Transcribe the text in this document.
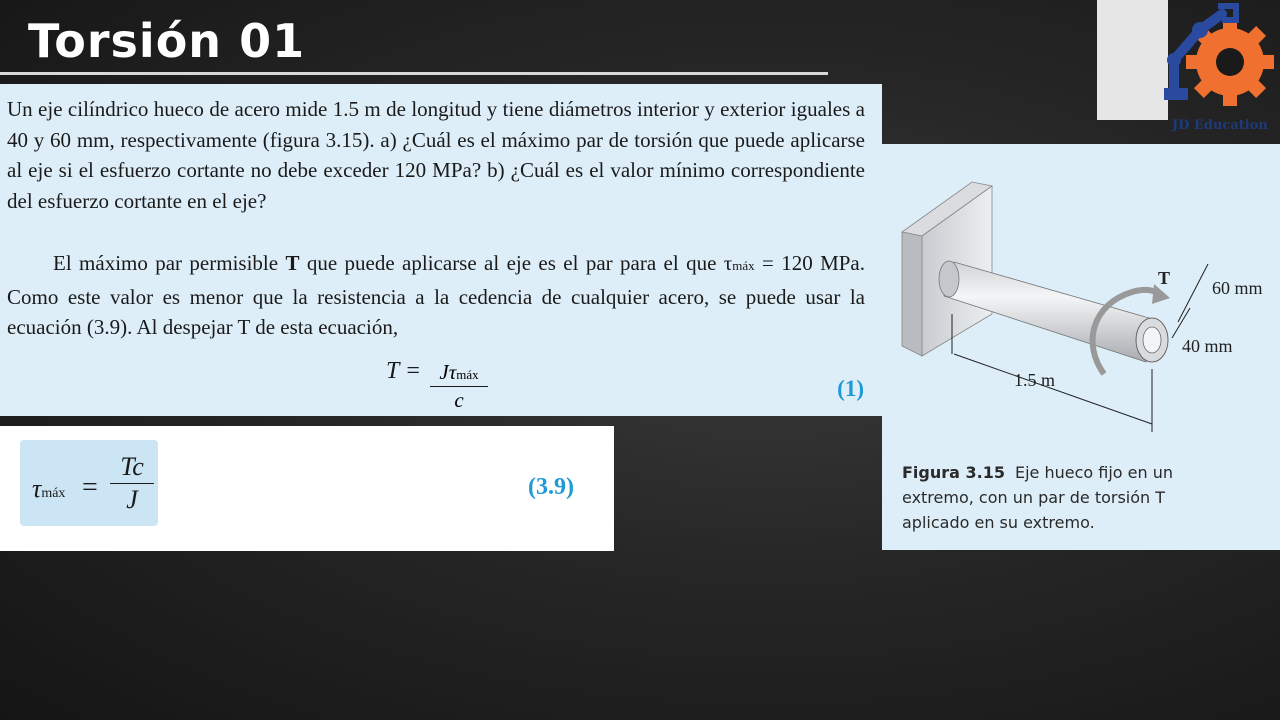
Torsión 01
JD Education

Un eje cilíndrico hueco de acero mide 1.5 m de longitud y tiene diámetros interior y exterior iguales a 40 y 60 mm, respectivamente (figura 3.15). a) ¿Cuál es el máximo par de torsión que puede aplicarse al eje si el esfuerzo cortante no debe exceder 120 MPa? b) ¿Cuál es el valor mínimo correspondiente del esfuerzo cortante en el eje?

El máximo par permisible T que puede aplicarse al eje es el par para el que τmáx = 120 MPa. Como este valor es menor que la resistencia a la cedencia de cualquier acero, se puede usar la ecuación (3.9). Al despejar T de esta ecuación,

T = Jτmáx
c	(1)
τmáx =
Tc
J	(3.9)
T 60 mm
40 mm
1.5 m
Figura 3.15 Eje hueco fijo en un extremo, con un par de torsión T aplicado en su extremo.
